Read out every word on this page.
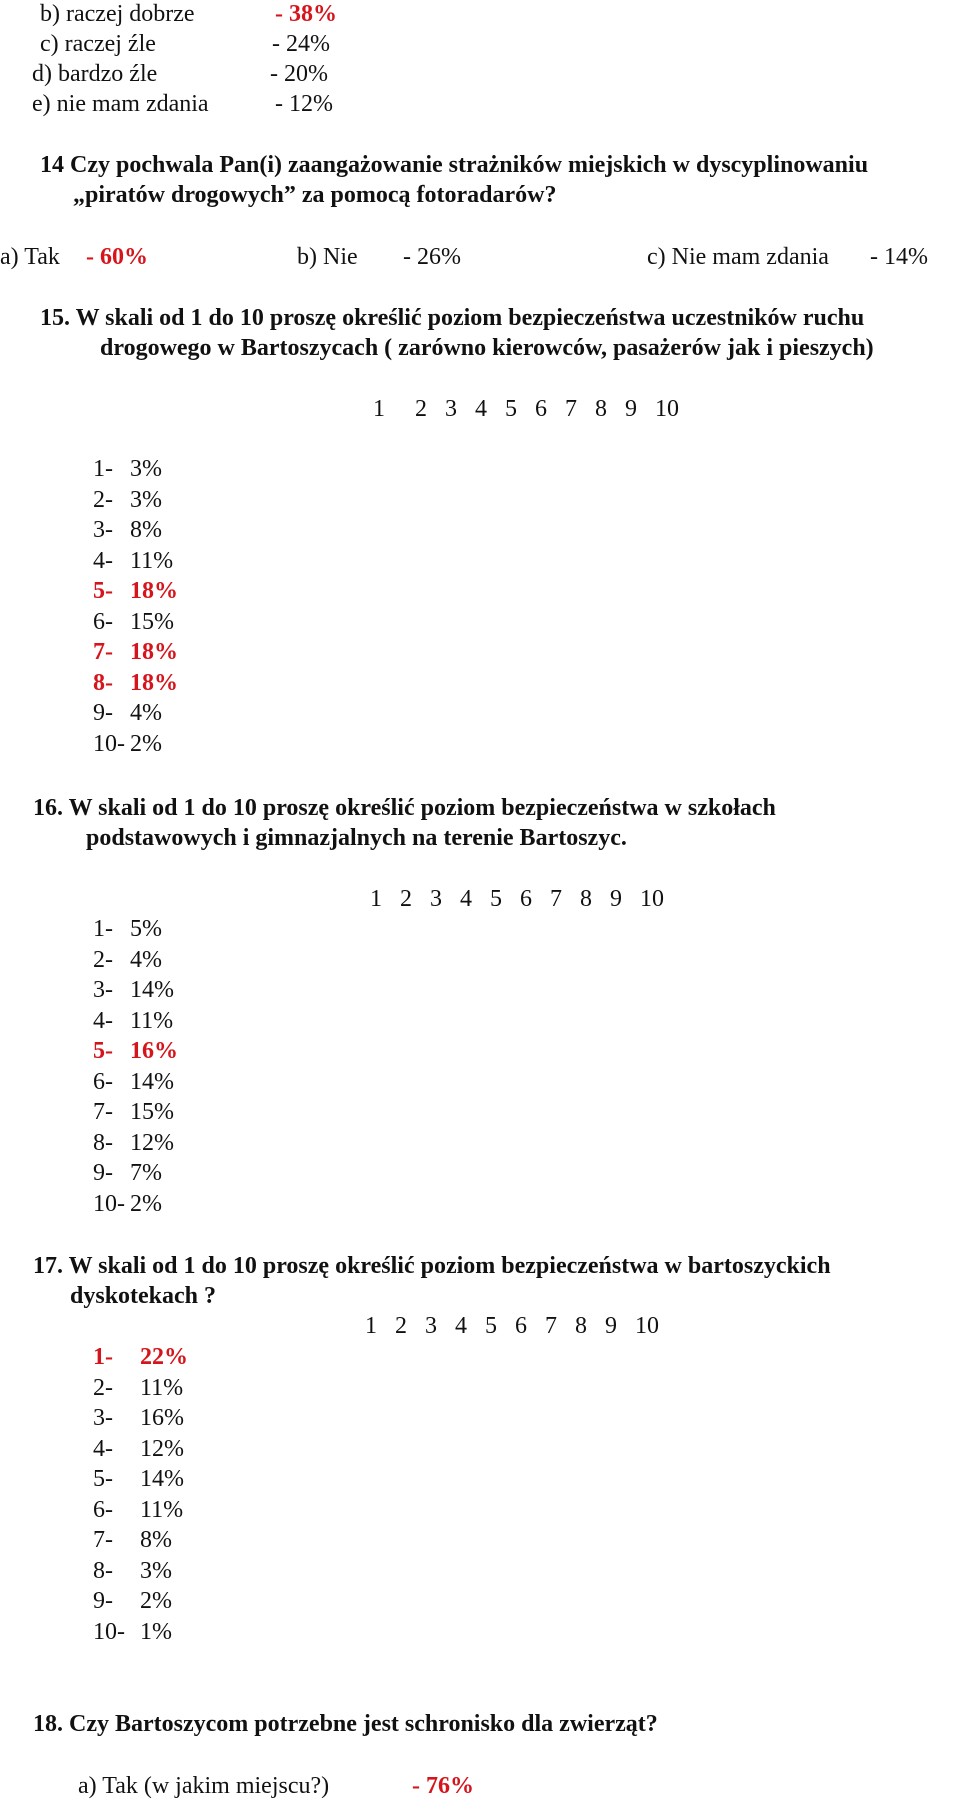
b) raczej dobrze	- 38%
c) raczej źle	- 24%
d) bardzo źle	- 20%
e) nie mam zdania	- 12%
14 Czy pochwala Pan(i) zaangażowanie strażników miejskich w dyscyplinowaniu
„piratów drogowych” za pomocą fotoradarów?
a) Tak - 60%	b) Nie - 26%	c) Nie mam zdania - 14%
15. W skali od 1 do 10 proszę określić poziom bezpieczeństwa uczestników ruchu
drogowego w Bartoszycach ( zarówno kierowców, pasażerów jak i pieszych)
1     2   3   4   5   6   7   8   9   10
1- 3%
2- 3%
3- 8%
4- 11%
5- 18%
6- 15%
7- 18%
8- 18%
9- 4%
10- 2%
16. W skali od 1 do 10 proszę określić poziom bezpieczeństwa w szkołach
podstawowych i gimnazjalnych na terenie Bartoszyc.
1   2   3   4   5   6   7   8   9   10
1- 5%
2- 4%
3- 14%
4- 11%
5- 16%
6- 14%
7- 15%
8- 12%
9- 7%
10- 2%
17. W skali od 1 do 10 proszę określić poziom bezpieczeństwa w bartoszyckich
dyskotekach ?
1   2   3   4   5   6   7   8   9   10
1- 22%
2- 11%
3- 16%
4- 12%
5- 14%
6- 11%
7- 8%
8- 3%
9- 2%
10- 1%
18. Czy Bartoszycom potrzebne jest schronisko dla zwierząt?
a) Tak (w jakim miejscu?)	- 76%
